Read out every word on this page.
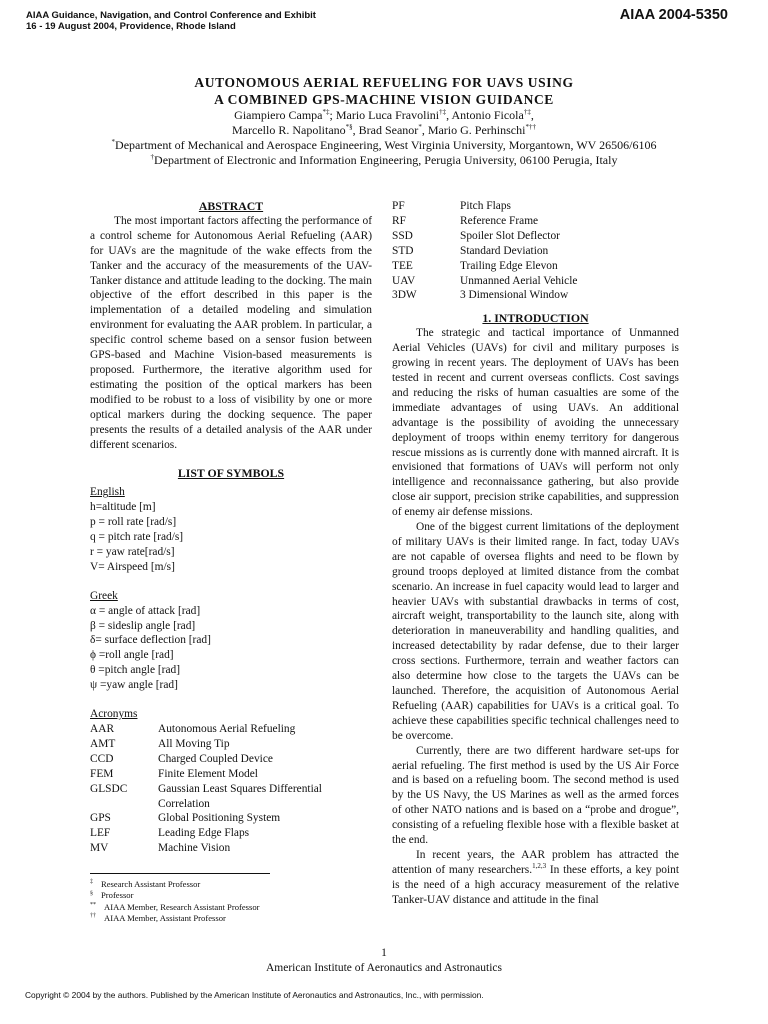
AIAA Guidance, Navigation, and Control Conference and Exhibit
16 - 19 August 2004, Providence, Rhode Island
AIAA 2004-5350
AUTONOMOUS AERIAL REFUELING FOR UAVS USING
A COMBINED GPS-MACHINE VISION GUIDANCE
Giampiero Campa*‡; Mario Luca Fravolini†‡, Antonio Ficola†‡,
Marcello R. Napolitano*§, Brad Seanor*, Mario G. Perhinschi*††
*Department of Mechanical and Aerospace Engineering, West Virginia University, Morgantown, WV 26506/6106
†Department of Electronic and Information Engineering, Perugia University, 06100 Perugia, Italy
ABSTRACT

The most important factors affecting the performance of a control scheme for Autonomous Aerial Refueling (AAR) for UAVs are the magnitude of the wake effects from the Tanker and the accuracy of the measurements of the UAV-Tanker distance and attitude leading to the docking. The main objective of the effort described in this paper is the implementation of a detailed modeling and simulation environment for evaluating the AAR problem. In particular, a specific control scheme based on a sensor fusion between GPS-based and Machine Vision-based measurements is proposed. Furthermore, the iterative algorithm used for estimating the position of the optical markers has been modified to be robust to a loss of visibility by one or more optical markers during the docking sequence. The paper presents the results of a detailed analysis of the AAR under different scenarios.

LIST OF SYMBOLS
English
h=altitude [m]
p = roll rate [rad/s]
q = pitch rate [rad/s]
r = yaw rate[rad/s]
V= Airspeed [m/s]
Greek
α = angle of attack [rad]
β = sideslip angle [rad]
δ= surface deflection [rad]
ϕ =roll angle [rad]
θ =pitch angle [rad]
ψ =yaw angle [rad]
Acronyms
AAR	Autonomous Aerial Refueling
AMT	All Moving Tip
CCD	Charged Coupled Device
FEM	Finite Element Model
GLSDC	Gaussian Least Squares Differential Correlation
GPS	Global Positioning System
LEF	Leading Edge Flaps
MV	Machine Vision
‡ Research Assistant Professor
§ Professor
** AIAA Member, Research Assistant Professor
†† AIAA Member, Assistant Professor
PF	Pitch Flaps
RF	Reference Frame
SSD	Spoiler Slot Deflector
STD	Standard Deviation
TEE	Trailing Edge Elevon
UAV	Unmanned Aerial Vehicle
3DW	3 Dimensional Window
1. INTRODUCTION

The strategic and tactical importance of Unmanned Aerial Vehicles (UAVs) for civil and military purposes is growing in recent years. The deployment of UAVs has been tested in recent and current overseas conflicts. Cost savings and reducing the risks of human casualties are some of the immediate advantages of using UAVs. An additional advantage is the possibility of avoiding the unnecessary deployment of troops within enemy territory for dangerous rescue missions as is currently done with manned aircraft. It is envisioned that formations of UAVs will perform not only intelligence and reconnaissance gathering, but also provide close air support, precision strike capabilities, and suppression of enemy air defense missions.

One of the biggest current limitations of the deployment of military UAVs is their limited range. In fact, today UAVs are not capable of oversea flights and need to be flown by ground troops deployed at limited distance from the combat scenario. An increase in fuel capacity would lead to larger and heavier UAVs with substantial drawbacks in terms of cost, aircraft weight, transportability to the launch site, along with deterioration in maneuverability and handling qualities, and increased detectability by radar defense, due to their larger cross sections. Furthermore, terrain and weather factors can also determine how close to the targets the UAVs can be launched. Therefore, the acquisition of Autonomous Aerial Refueling (AAR) capabilities for UAVs is a critical goal. To achieve these capabilities specific technical challenges need to be overcome.

Currently, there are two different hardware set-ups for aerial refueling. The first method is used by the US Air Force and is based on a refueling boom. The second method is used by the US Navy, the US Marines as well as the armed forces of other NATO nations and is based on a “probe and drogue”, consisting of a refueling flexible hose with a flexible basket at the end.

In recent years, the AAR problem has attracted the attention of many researchers.$^{1,2,3}$ In these efforts, a key point is the need of a high accuracy measurement of the relative Tanker-UAV distance and attitude in the final

1
American Institute of Aeronautics and Astronautics
Copyright © 2004 by the authors. Published by the American Institute of Aeronautics and Astronautics, Inc., with permission.
